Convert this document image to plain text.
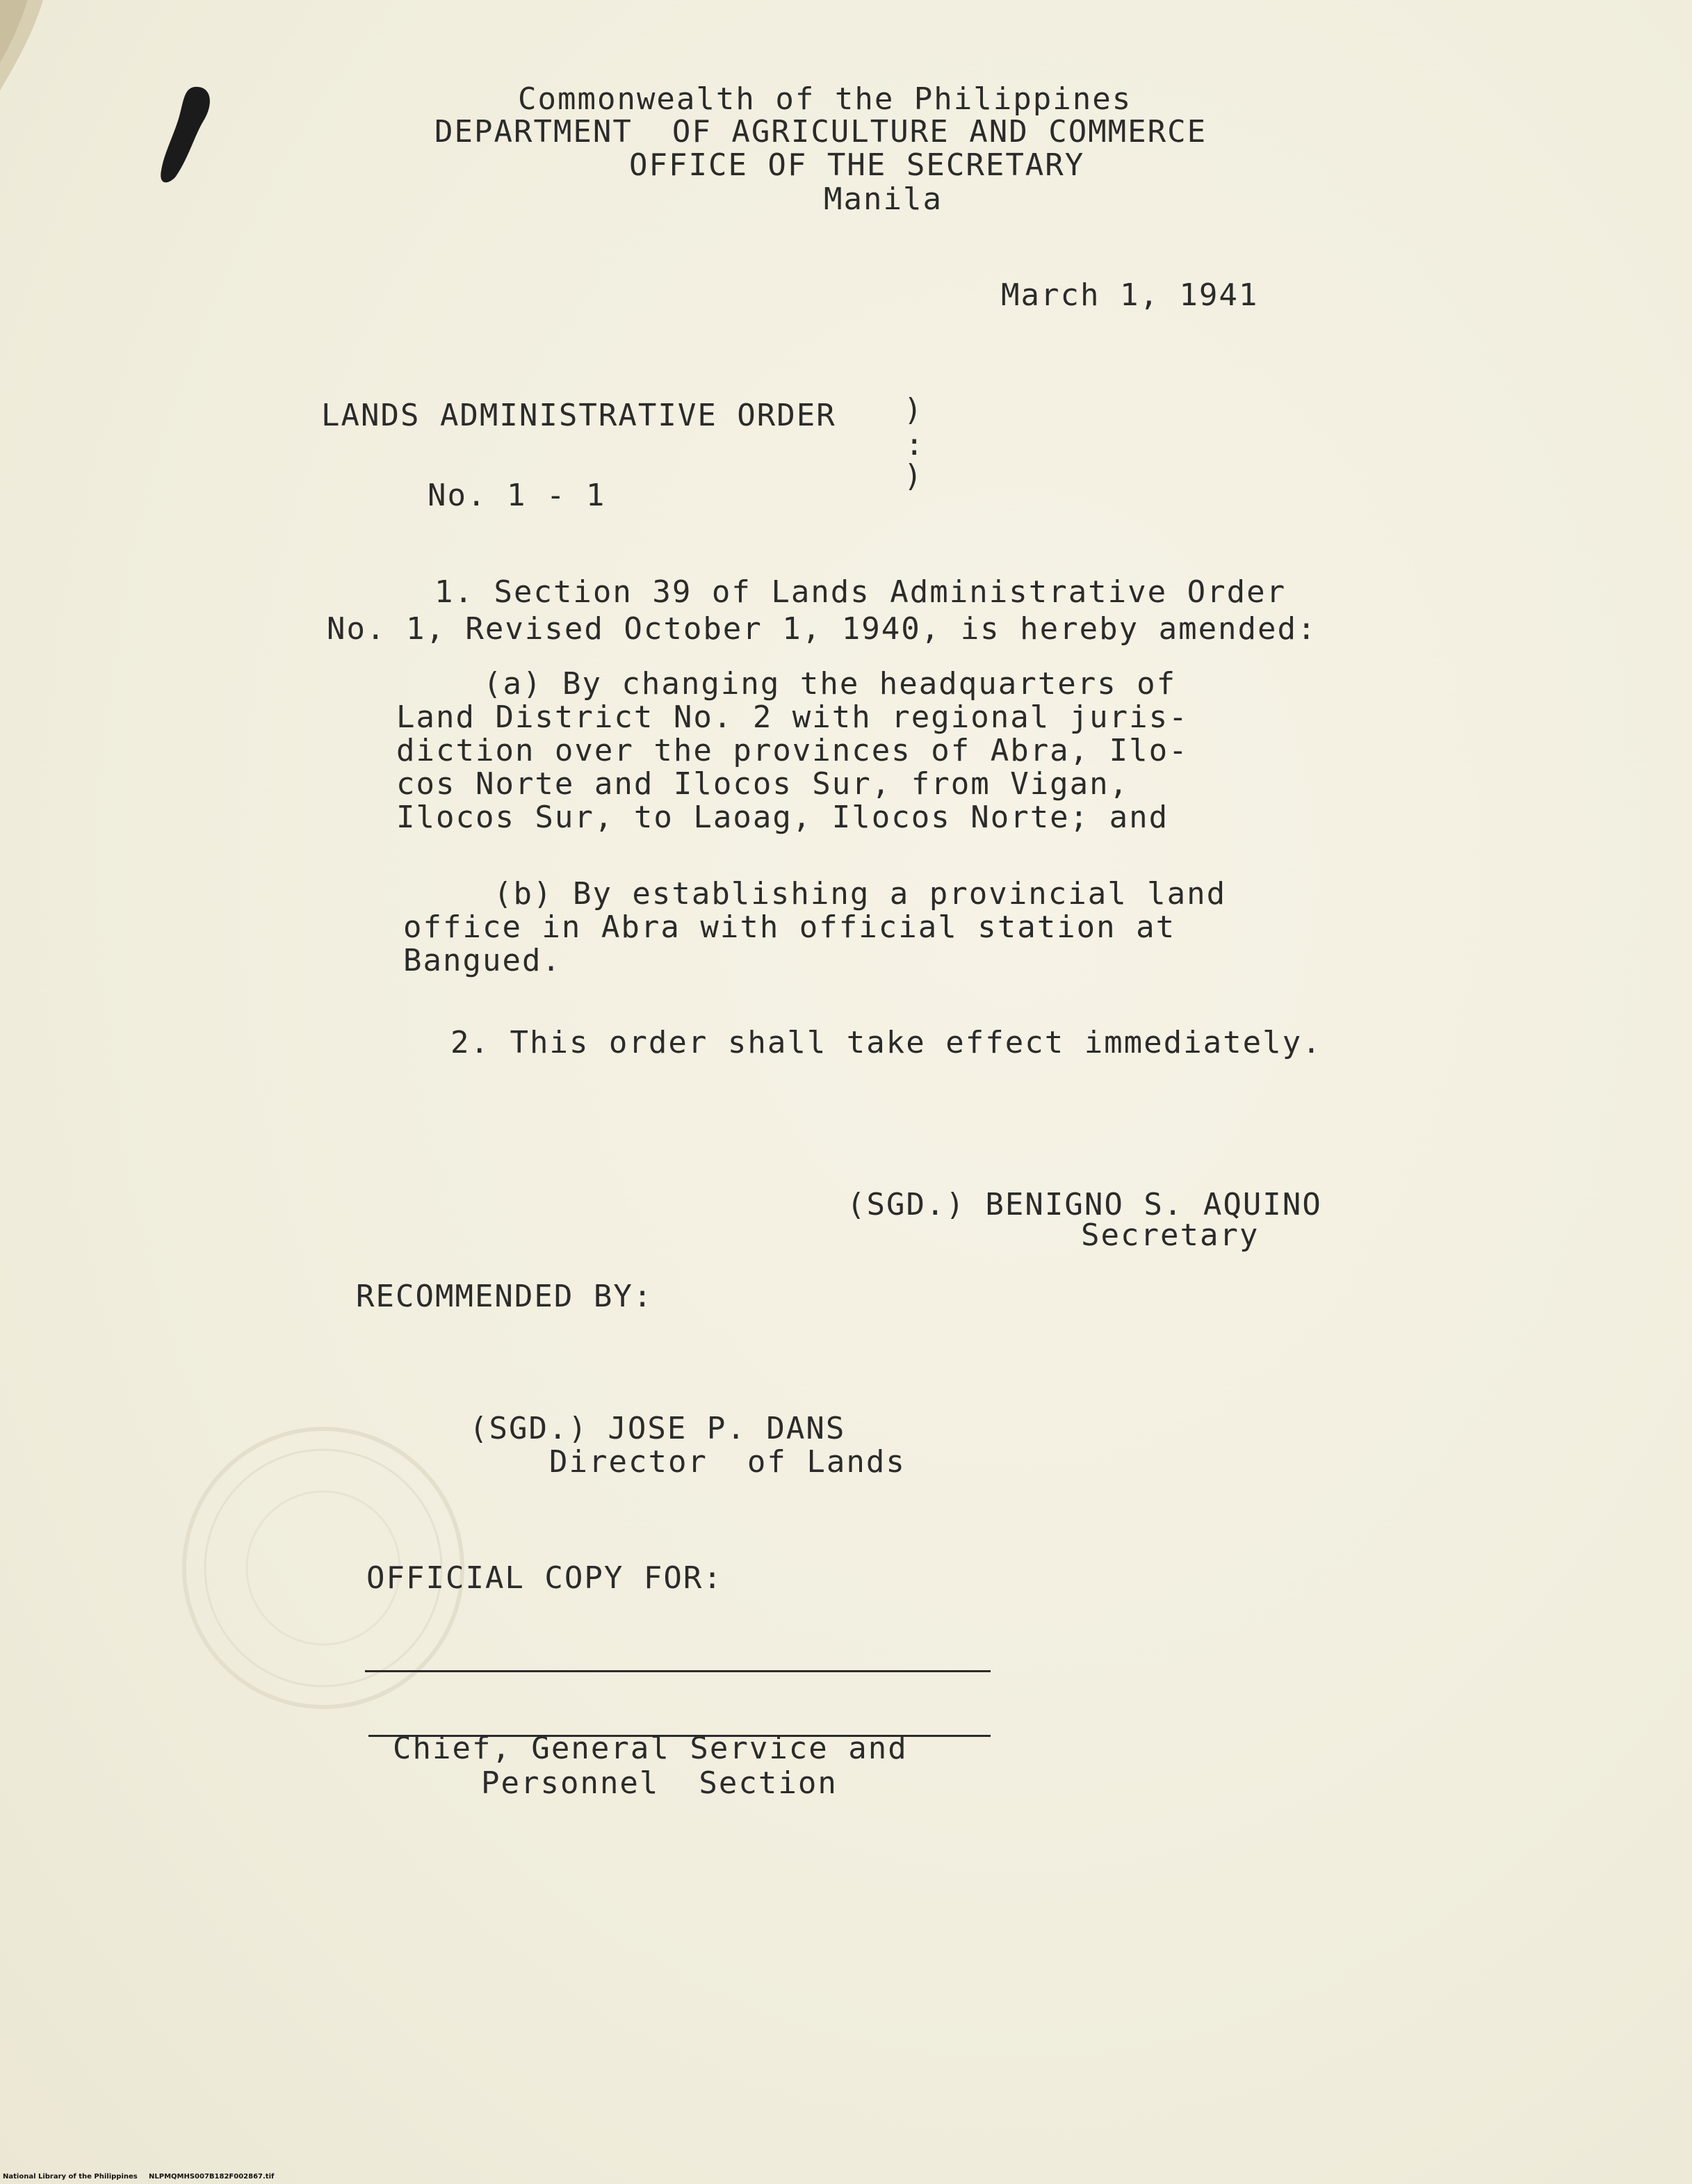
Commonwealth of the Philippines
DEPARTMENT  OF AGRICULTURE AND COMMERCE
OFFICE OF THE SECRETARY
Manila
March 1, 1941
LANDS ADMINISTRATIVE ORDER )
:
)
No. 1 - 1
1. Section 39 of Lands Administrative Order
No. 1, Revised October 1, 1940, is hereby amended:

(a) By changing the headquarters of

Land District No. 2 with regional juris-

diction over the provinces of Abra, Ilo-

cos Norte and Ilocos Sur, from Vigan,

Ilocos Sur, to Laoag, Ilocos Norte; and

(b) By establishing a provincial land

office in Abra with official station at

Bangued.

2. This order shall take effect immediately.
(SGD.) BENIGNO S. AQUINO
Secretary
RECOMMENDED BY:
(SGD.) JOSE P. DANS
Director  of Lands
OFFICIAL COPY FOR:
Chief, General Service and
Personnel  Section
National Library of the Philippines NLPMQMHS007B182F002867.tif
